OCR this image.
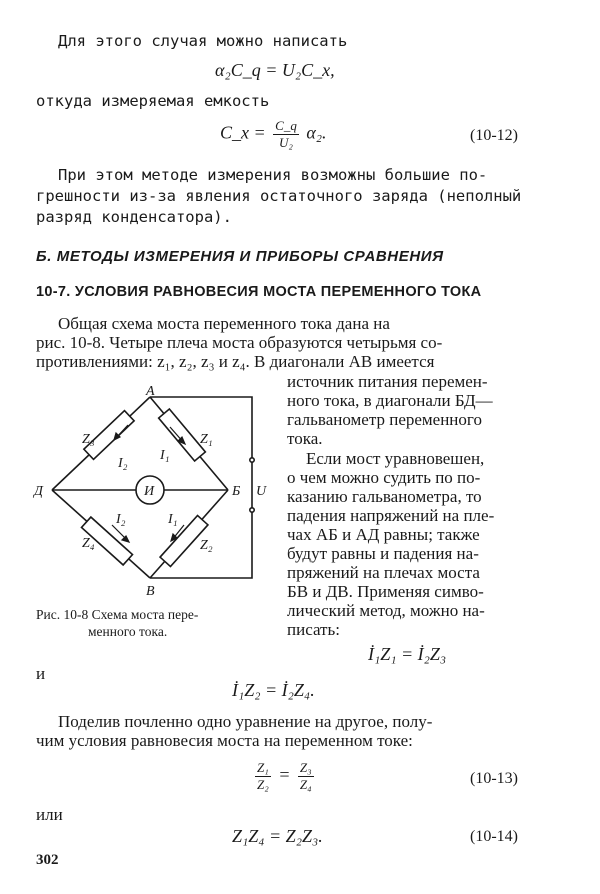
Для этого случая можно написать
α₂C_q = U₂C_x,
откуда измеряемая емкость
C_x = $\frac{C\_q}{\text{U₂}} \alpha_2$.	(10-12)
При этом методе измерения возможны большие по-
грешности из-за явления остаточного заряда (неполный
разряд конденсатора).
Б. МЕТОДЫ ИЗМЕРЕНИЯ И ПРИБОРЫ СРАВНЕНИЯ
10-7. УСЛОВИЯ РАВНОВЕСИЯ МОСТА ПЕРЕМЕННОГО ТОКА
Общая схема моста переменного тока дана на
рис. 10-8. Четыре плеча моста образуются четырьмя со-
противлениями: z₁, z₂, z₃ и z₄. В диагонали АВ имеется
источник питания перемен-
ного тока, в диагонали БД—
гальванометр переменного
тока.
Если мост уравновешен,
о чем можно судить по по-
казанию гальванометра, то
падения напряжений на пле-
чах АБ и АД равны; также
будут равны и падения на-
пряжений на плечах моста
БВ и ДВ. Применяя симво-
лический метод, можно на-
писать:
А
Б
В
Д	И	U
Z₃	Z₁
Z₄	Z₂
I₂
I₁
I₂	I₁
Рис. 10-8 Схема моста пере-
менного тока.
İ₁Z₁ = İ₂Z₃
и
İ₁Z₂ = İ₂Z₄.
Поделив почленно одно уравнение на другое, полу-
чим условия равновесия моста на переменном токе:
$\frac{\text{Z₁}}{\text{Z₂}} = \frac{\text{Z₃}}{\text{Z₄}}$	(10-13)
или
Z₁Z₄ = Z₂Z₃.	(10-14)
302
